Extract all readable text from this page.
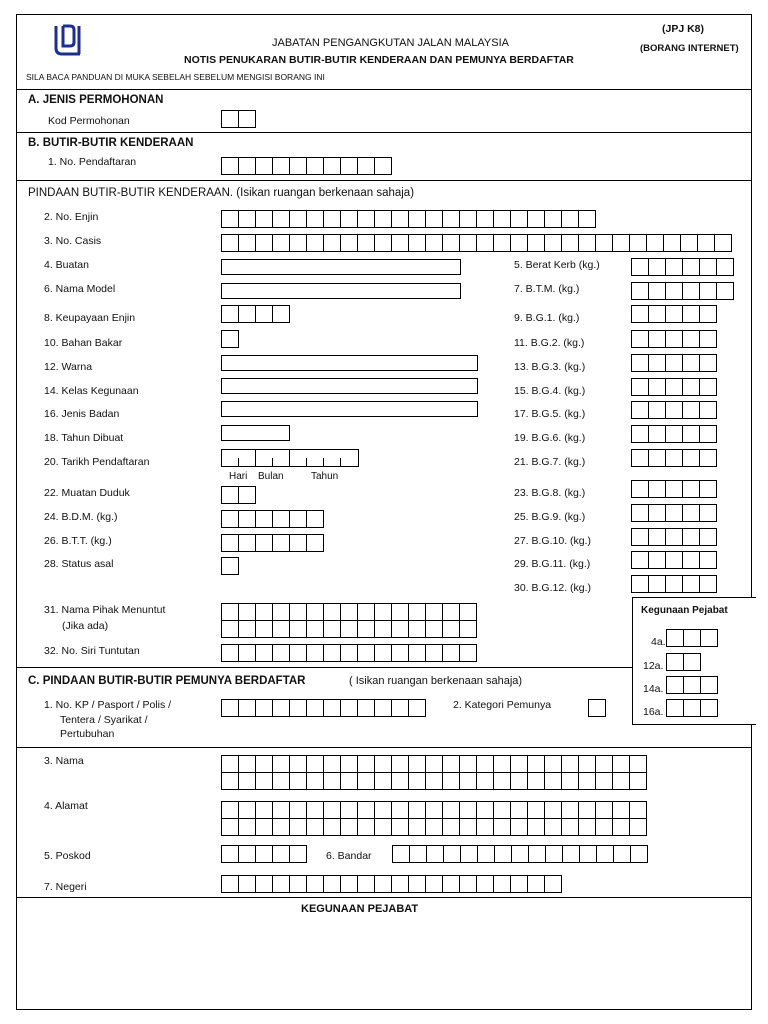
(JPJ K8)
(BORANG INTERNET)
JABATAN PENGANGKUTAN JALAN MALAYSIA
NOTIS PENUKARAN BUTIR-BUTIR KENDERAAN DAN PEMUNYA BERDAFTAR
SILA BACA PANDUAN DI MUKA SEBELAH SEBELUM MENGISI BORANG INI
A. JENIS PERMOHONAN
Kod Permohonan
B. BUTIR-BUTIR KENDERAAN
1. No. Pendaftaran
PINDAAN BUTIR-BUTIR KENDERAAN. (Isikan ruangan berkenaan sahaja)
2. No. Enjin
3. No. Casis
4. Buatan
6. Nama Model
8. Keupayaan Enjin
10. Bahan Bakar
12. Warna
14. Kelas Kegunaan
16. Jenis Badan
18. Tahun Dibuat
20. Tarikh Pendaftaran
Hari Bulan	Tahun
22. Muatan Duduk
24. B.D.M. (kg.)
26. B.T.T. (kg.)
28. Status asal
31. Nama Pihak Menuntut
(Jika ada)
32. No. Siri Tuntutan
5. Berat Kerb (kg.)
7. B.T.M. (kg.)
9. B.G.1. (kg.)
11. B.G.2. (kg.)
13. B.G.3. (kg.)
15. B.G.4. (kg.)
17. B.G.5. (kg.)
19. B.G.6. (kg.)
21. B.G.7. (kg.)
23. B.G.8. (kg.)
25. B.G.9. (kg.)
27. B.G.10. (kg.)
29. B.G.11. (kg.)
30. B.G.12. (kg.)
Kegunaan Pejabat
4a.
12a.
14a.
16a.
C. PINDAAN BUTIR-BUTIR PEMUNYA BERDAFTAR	( Isikan ruangan berkenaan sahaja)
1. No. KP / Pasport / Polis /
Tentera / Syarikat /
Pertubuhan
2. Kategori Pemunya
3. Nama
4. Alamat
5. Poskod	6. Bandar
7. Negeri
KEGUNAAN PEJABAT
